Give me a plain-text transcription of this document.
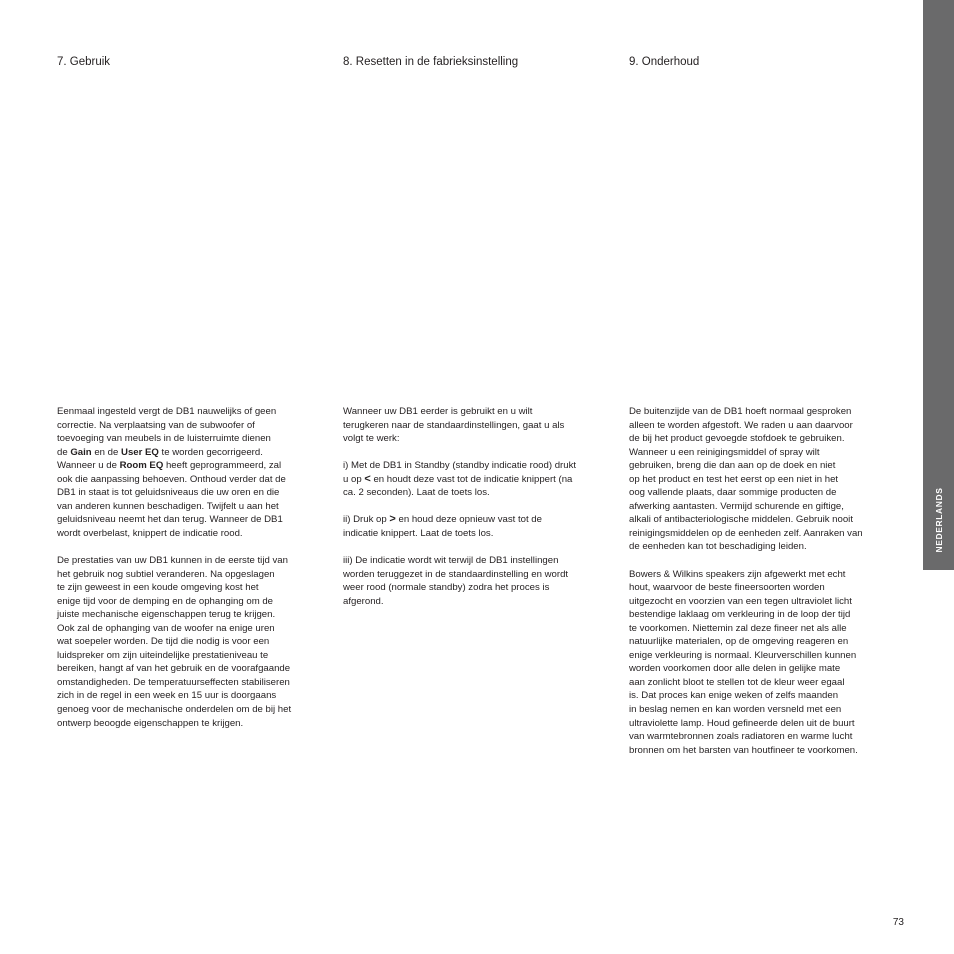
7. Gebruik	8. Resetten in de fabrieksinstelling	9. Onderhoud

Eenmaal ingesteld vergt de DB1 nauwelijks of geen
correctie. Na verplaatsing van de subwoofer of
toevoeging van meubels in de luisterruimte dienen
de Gain en de User EQ te worden gecorrigeerd.
Wanneer u de Room EQ heeft geprogrammeerd, zal
ook die aanpassing behoeven. Onthoud verder dat de
DB1 in staat is tot geluidsniveaus die uw oren en die
van anderen kunnen beschadigen. Twijfelt u aan het
geluidsniveau neemt het dan terug. Wanneer de DB1
wordt overbelast, knippert de indicatie rood.

De prestaties van uw DB1 kunnen in de eerste tijd van
het gebruik nog subtiel veranderen. Na opgeslagen
te zijn geweest in een koude omgeving kost het
enige tijd voor de demping en de ophanging om de
juiste mechanische eigenschappen terug te krijgen.
Ook zal de ophanging van de woofer na enige uren
wat soepeler worden. De tijd die nodig is voor een
luidspreker om zijn uiteindelijke prestatieniveau te
bereiken, hangt af van het gebruik en de voorafgaande
omstandigheden. De temperatuurseffecten stabiliseren
zich in de regel in een week en 15 uur is doorgaans
genoeg voor de mechanische onderdelen om de bij het
ontwerp beoogde eigenschappen te krijgen.

Wanneer uw DB1 eerder is gebruikt en u wilt
terugkeren naar de standaardinstellingen, gaat u als
volgt te werk:

i) Met de DB1 in Standby (standby indicatie rood) drukt
u op < en houdt deze vast tot de indicatie knippert (na
ca. 2 seconden). Laat de toets los.

ii) Druk op > en houd deze opnieuw vast tot de
indicatie knippert. Laat de toets los.

iii) De indicatie wordt wit terwijl de DB1 instellingen
worden teruggezet in de standaardinstelling en wordt
weer rood (normale standby) zodra het proces is
afgerond.

De buitenzijde van de DB1 hoeft normaal gesproken
alleen te worden afgestoft. We raden u aan daarvoor
de bij het product gevoegde stofdoek te gebruiken.
Wanneer u een reinigingsmiddel of spray wilt
gebruiken, breng die dan aan op de doek en niet
op het product en test het eerst op een niet in het
oog vallende plaats, daar sommige producten de
afwerking aantasten. Vermijd schurende en giftige,
alkali of antibacteriologische middelen. Gebruik nooit
reinigingsmiddelen op de eenheden zelf. Aanraken van
de eenheden kan tot beschadiging leiden.

Bowers & Wilkins speakers zijn afgewerkt met echt
hout, waarvoor de beste fineersoorten worden
uitgezocht en voorzien van een tegen ultraviolet licht
bestendige laklaag om verkleuring in de loop der tijd
te voorkomen. Niettemin zal deze fineer net als alle
natuurlijke materialen, op de omgeving reageren en
enige verkleuring is normaal. Kleurverschillen kunnen
worden voorkomen door alle delen in gelijke mate
aan zonlicht bloot te stellen tot de kleur weer egaal
is. Dat proces kan enige weken of zelfs maanden
in beslag nemen en kan worden versneld met een
ultraviolette lamp. Houd gefineerde delen uit de buurt
van warmtebronnen zoals radiatoren en warme lucht
bronnen om het barsten van houtfineer te voorkomen.

NEDERLANDS
73
